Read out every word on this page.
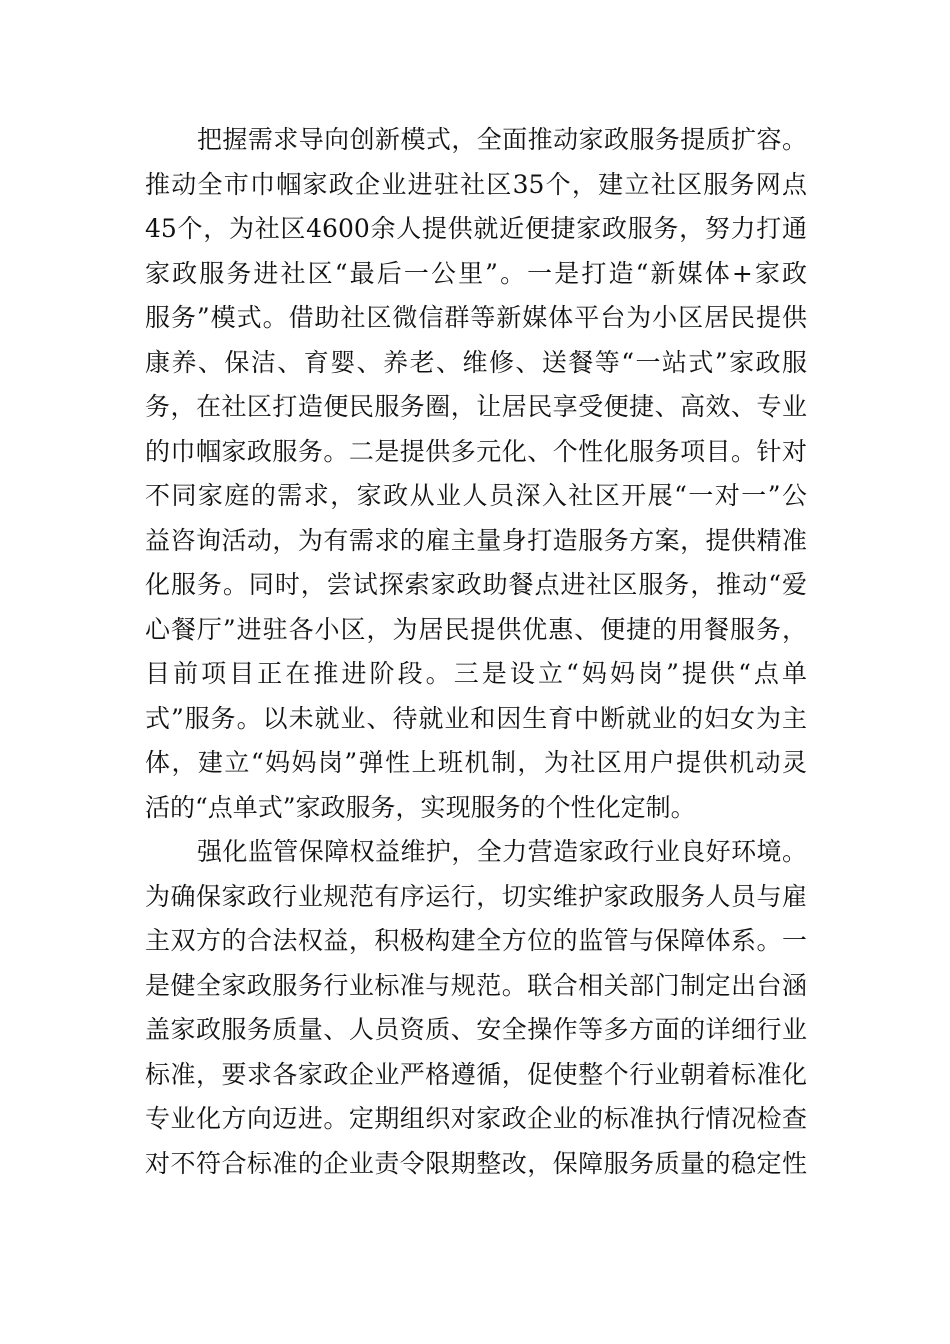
把握需求导向创新模式，全面推动家政服务提质扩容。
推动全市巾帼家政企业进驻社区35个，建立社区服务网点
45个，为社区4600余人提供就近便捷家政服务，努力打通
家政服务进社区“最后一公里”。一是打造“新媒体+家政
服务”模式。借助社区微信群等新媒体平台为小区居民提供
康养、保洁、育婴、养老、维修、送餐等“一站式”家政服
务，在社区打造便民服务圈，让居民享受便捷、高效、专业
的巾帼家政服务。二是提供多元化、个性化服务项目。针对
不同家庭的需求，家政从业人员深入社区开展“一对一”公
益咨询活动，为有需求的雇主量身打造服务方案，提供精准
化服务。同时，尝试探索家政助餐点进社区服务，推动“爱
心餐厅”进驻各小区，为居民提供优惠、便捷的用餐服务，
目前项目正在推进阶段。三是设立“妈妈岗”提供“点单
式”服务。以未就业、待就业和因生育中断就业的妇女为主
体，建立“妈妈岗”弹性上班机制，为社区用户提供机动灵
活的“点单式”家政服务，实现服务的个性化定制。
强化监管保障权益维护，全力营造家政行业良好环境。
为确保家政行业规范有序运行，切实维护家政服务人员与雇
主双方的合法权益，积极构建全方位的监管与保障体系。一
是健全家政服务行业标准与规范。联合相关部门制定出台涵
盖家政服务质量、人员资质、安全操作等多方面的详细行业
标准，要求各家政企业严格遵循，促使整个行业朝着标准化
专业化方向迈进。定期组织对家政企业的标准执行情况检查
对不符合标准的企业责令限期整改，保障服务质量的稳定性
